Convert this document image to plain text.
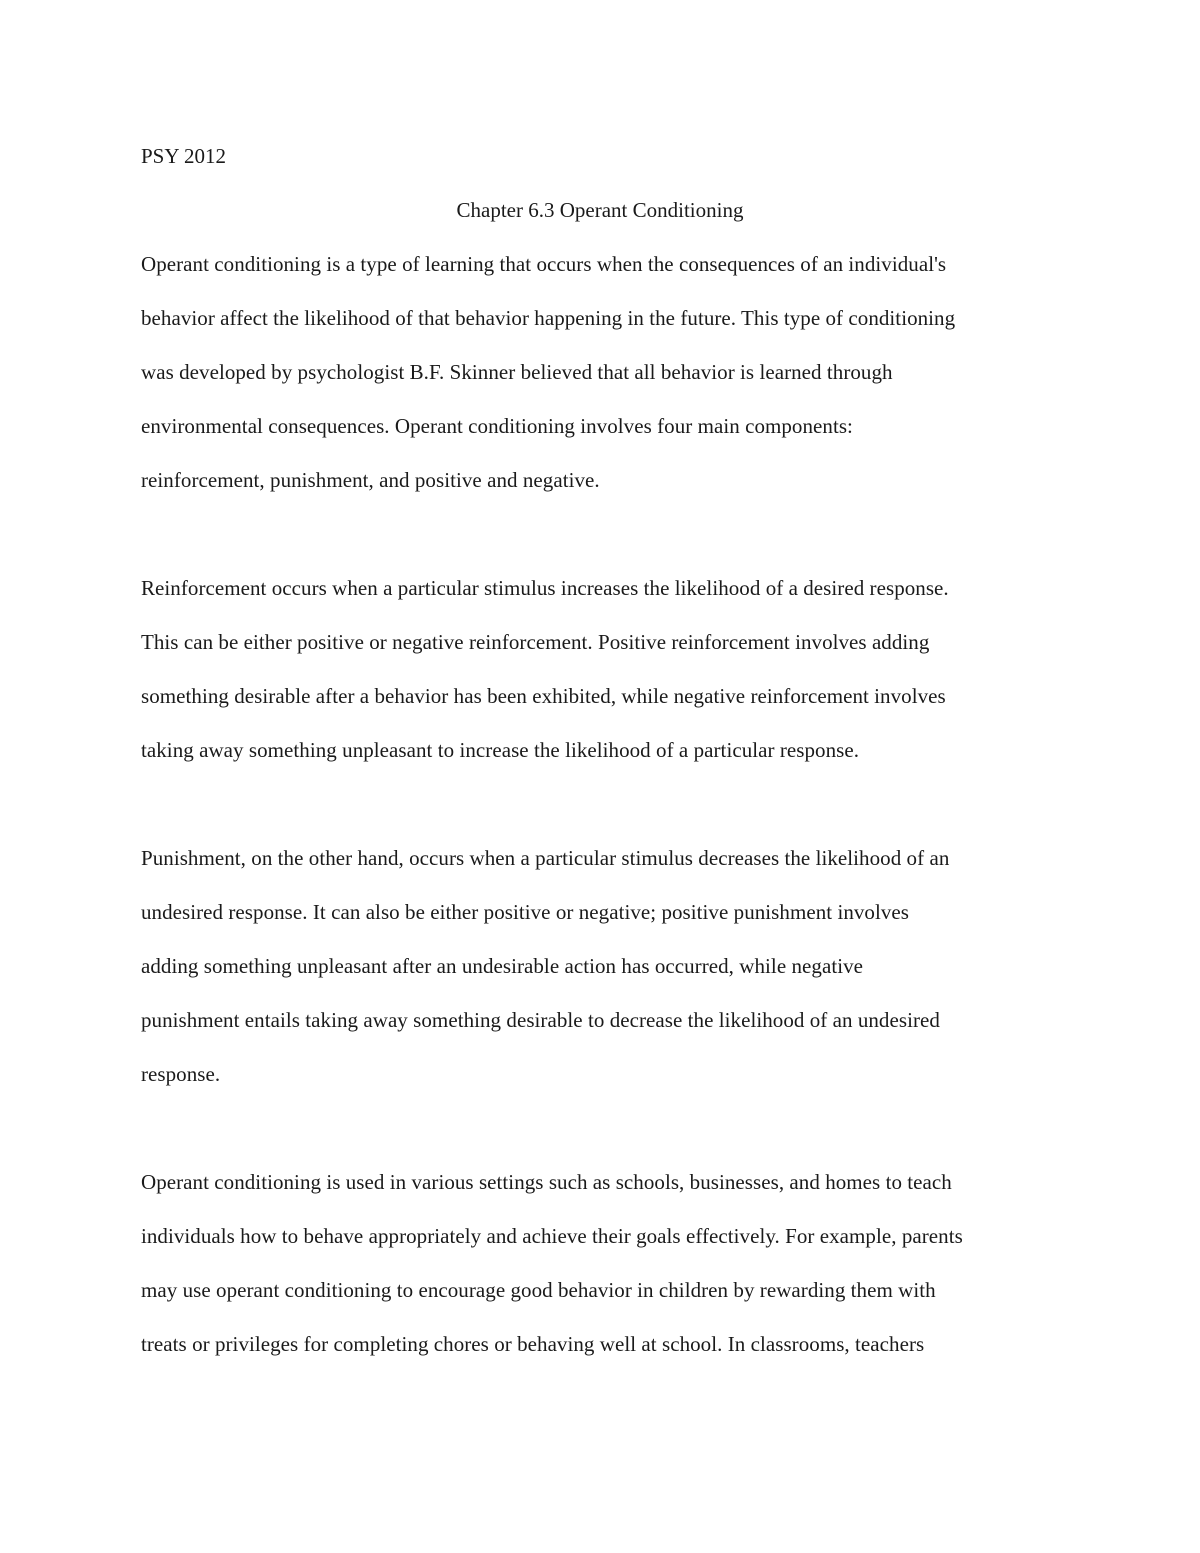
PSY 2012
Chapter 6.3 Operant Conditioning
Operant conditioning is a type of learning that occurs when the consequences of an individual's
behavior affect the likelihood of that behavior happening in the future. This type of conditioning
was developed by psychologist B.F. Skinner believed that all behavior is learned through
environmental consequences. Operant conditioning involves four main components:
reinforcement, punishment, and positive and negative.
Reinforcement occurs when a particular stimulus increases the likelihood of a desired response.
This can be either positive or negative reinforcement. Positive reinforcement involves adding
something desirable after a behavior has been exhibited, while negative reinforcement involves
taking away something unpleasant to increase the likelihood of a particular response.
Punishment, on the other hand, occurs when a particular stimulus decreases the likelihood of an
undesired response. It can also be either positive or negative; positive punishment involves
adding something unpleasant after an undesirable action has occurred, while negative
punishment entails taking away something desirable to decrease the likelihood of an undesired
response.
Operant conditioning is used in various settings such as schools, businesses, and homes to teach
individuals how to behave appropriately and achieve their goals effectively. For example, parents
may use operant conditioning to encourage good behavior in children by rewarding them with
treats or privileges for completing chores or behaving well at school. In classrooms, teachers
